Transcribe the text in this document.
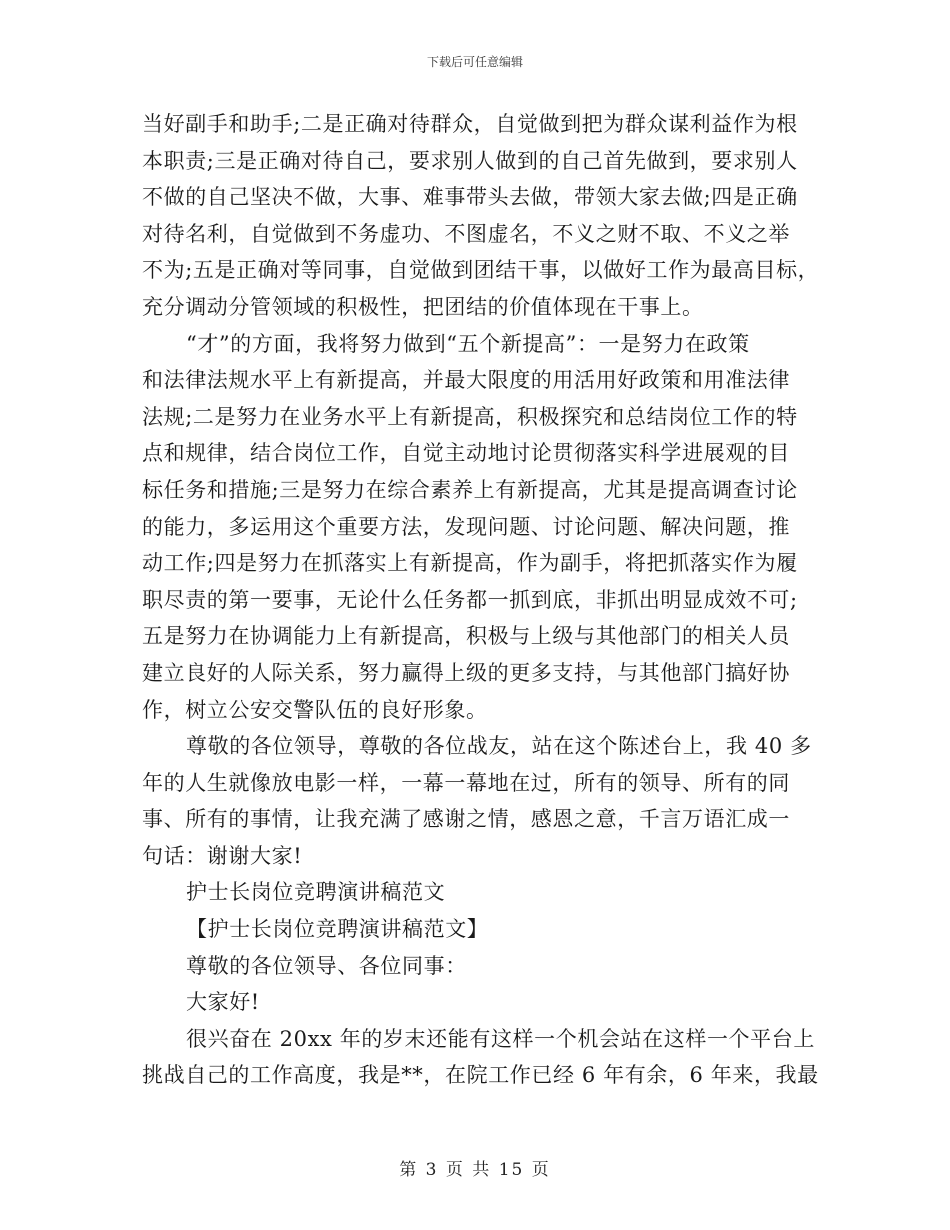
下载后可任意编辑
当好副手和助手;二是正确对待群众，自觉做到把为群众谋利益作为根
本职责;三是正确对待自己，要求别人做到的自己首先做到，要求别人
不做的自己坚决不做，大事、难事带头去做，带领大家去做;四是正确
对待名利，自觉做到不务虚功、不图虚名，不义之财不取、不义之举
不为;五是正确对等同事，自觉做到团结干事，以做好工作为最高目标，
充分调动分管领域的积极性，把团结的价值体现在干事上。
“才”的方面，我将努力做到“五个新提高”：一是努力在政策
和法律法规水平上有新提高，并最大限度的用活用好政策和用准法律
法规;二是努力在业务水平上有新提高，积极探究和总结岗位工作的特
点和规律，结合岗位工作，自觉主动地讨论贯彻落实科学进展观的目
标任务和措施;三是努力在综合素养上有新提高，尤其是提高调查讨论
的能力，多运用这个重要方法，发现问题、讨论问题、解决问题，推
动工作;四是努力在抓落实上有新提高，作为副手，将把抓落实作为履
职尽责的第一要事，无论什么任务都一抓到底，非抓出明显成效不可;
五是努力在协调能力上有新提高，积极与上级与其他部门的相关人员
建立良好的人际关系，努力赢得上级的更多支持，与其他部门搞好协
作，树立公安交警队伍的良好形象。
尊敬的各位领导，尊敬的各位战友，站在这个陈述台上，我 40 多
年的人生就像放电影一样，一幕一幕地在过，所有的领导、所有的同
事、所有的事情，让我充满了感谢之情，感恩之意，千言万语汇成一
句话：谢谢大家!
护士长岗位竞聘演讲稿范文
【护士长岗位竞聘演讲稿范文】
尊敬的各位领导、各位同事：
大家好!
很兴奋在 20xx 年的岁末还能有这样一个机会站在这样一个平台上
挑战自己的工作高度，我是**，在院工作已经 6 年有余，6 年来，我最
第 3 页 共 15 页
